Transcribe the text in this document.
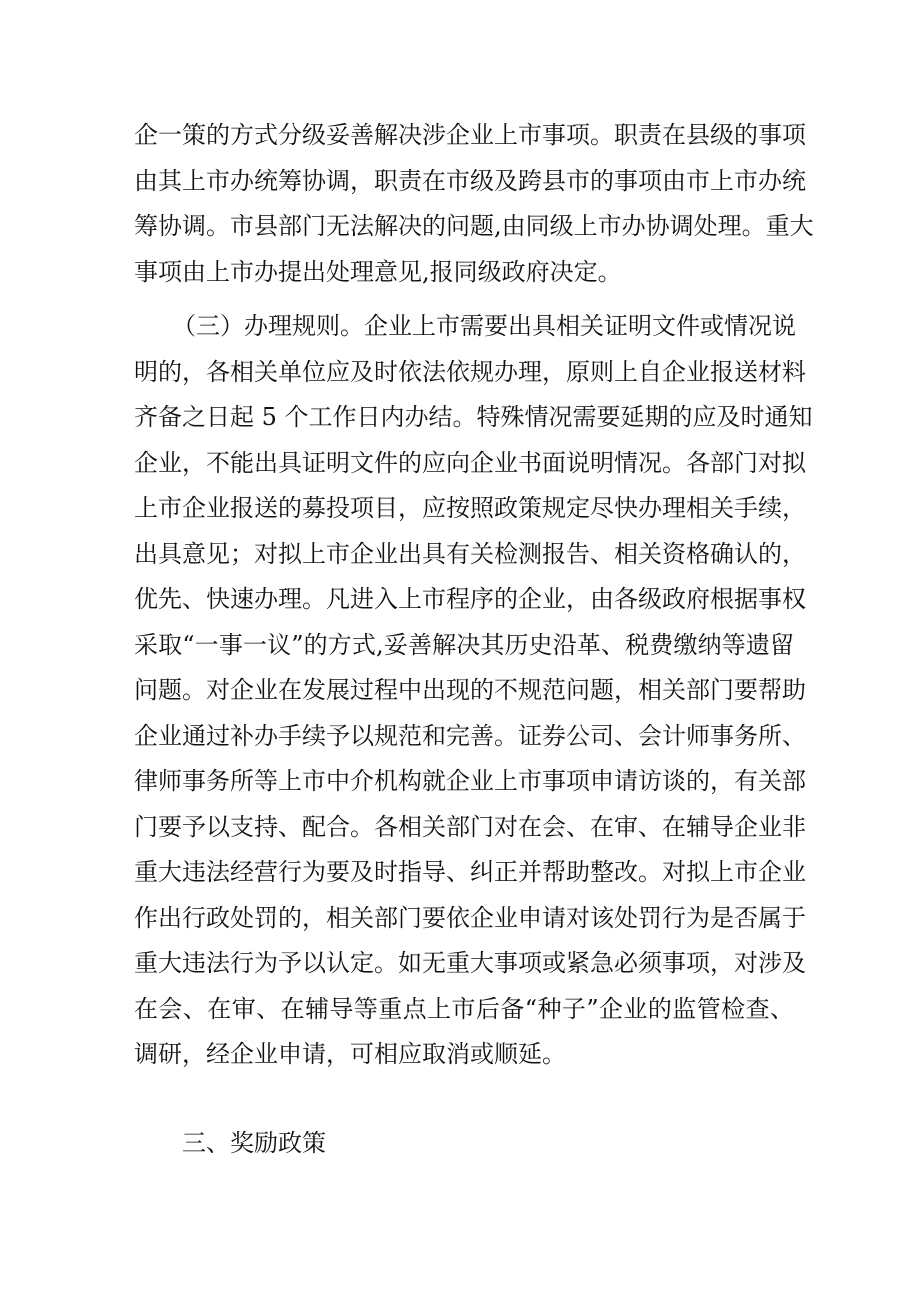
企一策的方式分级妥善解决涉企业上市事项。职责在县级的事项
由其上市办统筹协调，职责在市级及跨县市的事项由市上市办统
筹协调。市县部门无法解决的问题,由同级上市办协调处理。重大
事项由上市办提出处理意见,报同级政府决定。
（三）办理规则。企业上市需要出具相关证明文件或情况说
明的，各相关单位应及时依法依规办理，原则上自企业报送材料
齐备之日起 5 个工作日内办结。特殊情况需要延期的应及时通知
企业，不能出具证明文件的应向企业书面说明情况。各部门对拟
上市企业报送的募投项目，应按照政策规定尽快办理相关手续，
出具意见；对拟上市企业出具有关检测报告、相关资格确认的，
优先、快速办理。凡进入上市程序的企业，由各级政府根据事权
采取“一事一议”的方式,妥善解决其历史沿革、税费缴纳等遗留
问题。对企业在发展过程中出现的不规范问题，相关部门要帮助
企业通过补办手续予以规范和完善。证券公司、会计师事务所、
律师事务所等上市中介机构就企业上市事项申请访谈的，有关部
门要予以支持、配合。各相关部门对在会、在审、在辅导企业非
重大违法经营行为要及时指导、纠正并帮助整改。对拟上市企业
作出行政处罚的，相关部门要依企业申请对该处罚行为是否属于
重大违法行为予以认定。如无重大事项或紧急必须事项，对涉及
在会、在审、在辅导等重点上市后备“种子”企业的监管检查、
调研，经企业申请，可相应取消或顺延。
三、奖励政策
